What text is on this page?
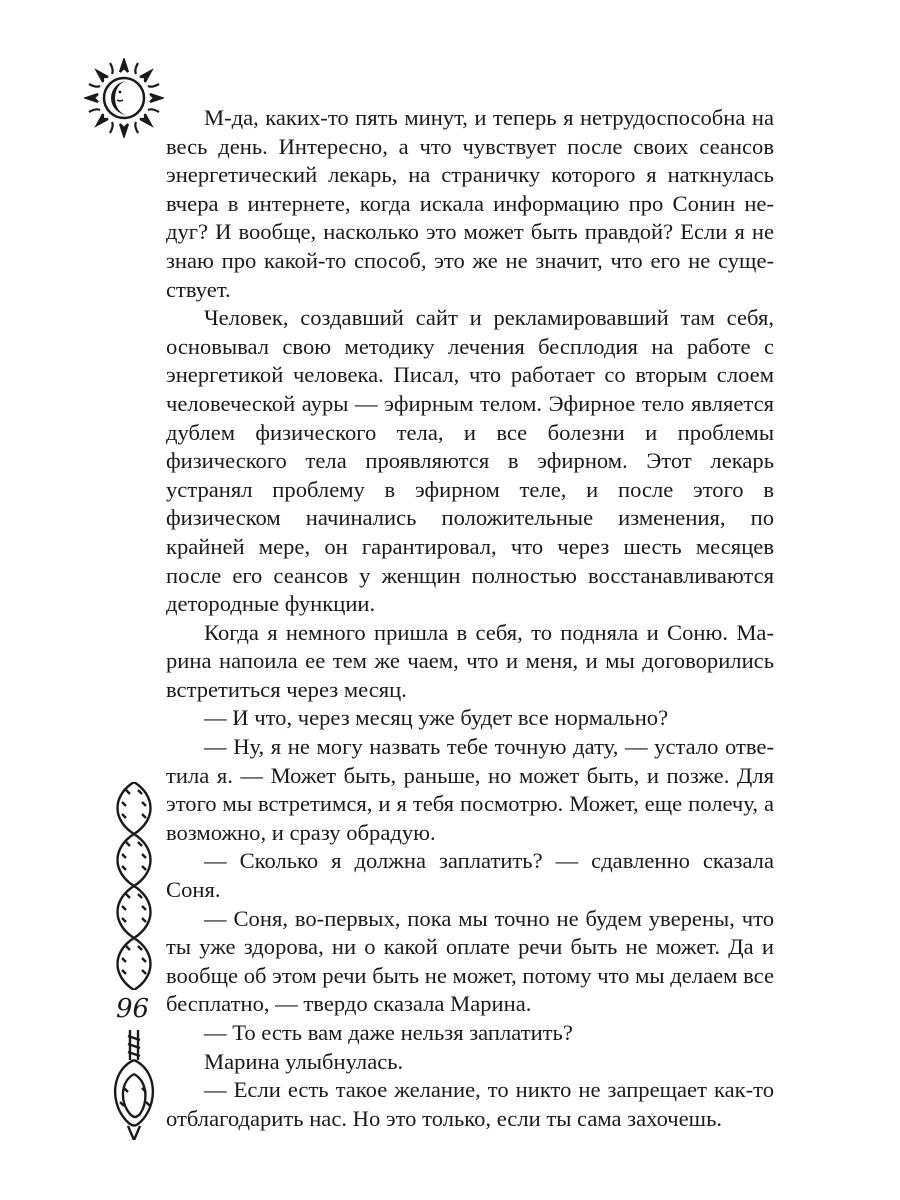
М-да, каких-то пять минут, и теперь я нетрудоспособна на весь день. Интересно, а что чувствует после своих сеансов энергетический лекарь, на страничку которого я наткнулась вчера в интернете, когда искала информацию про Сонин недуг? И вообще, насколько это может быть правдой? Если я не знаю про какой-то способ, это же не значит, что его не существует.

Человек, создавший сайт и рекламировавший там себя, основывал свою методику лечения бесплодия на работе с энергетикой человека. Писал, что работает со вторым слоем человеческой ауры — эфирным телом. Эфирное тело является дублем физического тела, и все болезни и проблемы физического тела проявляются в эфирном. Этот лекарь устранял проблему в эфирном теле, и после этого в физическом начинались положительные изменения, по крайней мере, он гарантировал, что через шесть месяцев после его сеансов у женщин полностью восстанавливаются детородные функции.

Когда я немного пришла в себя, то подняла и Соню. Марина напоила ее тем же чаем, что и меня, и мы договорились встретиться через месяц.

— И что, через месяц уже будет все нормально?

— Ну, я не могу назвать тебе точную дату, — устало ответила я. — Может быть, раньше, но может быть, и позже. Для этого мы встретимся, и я тебя посмотрю. Может, еще полечу, а возможно, и сразу обрадую.

— Сколько я должна заплатить? — сдавленно сказала Соня.

— Соня, во-первых, пока мы точно не будем уверены, что ты уже здорова, ни о какой оплате речи быть не может. Да и вообще об этом речи быть не может, потому что мы делаем все бесплатно, — твердо сказала Марина.

— То есть вам даже нельзя заплатить?

Марина улыбнулась.

— Если есть такое желание, то никто не запрещает как-то отблагодарить нас. Но это только, если ты сама захочешь.

96
